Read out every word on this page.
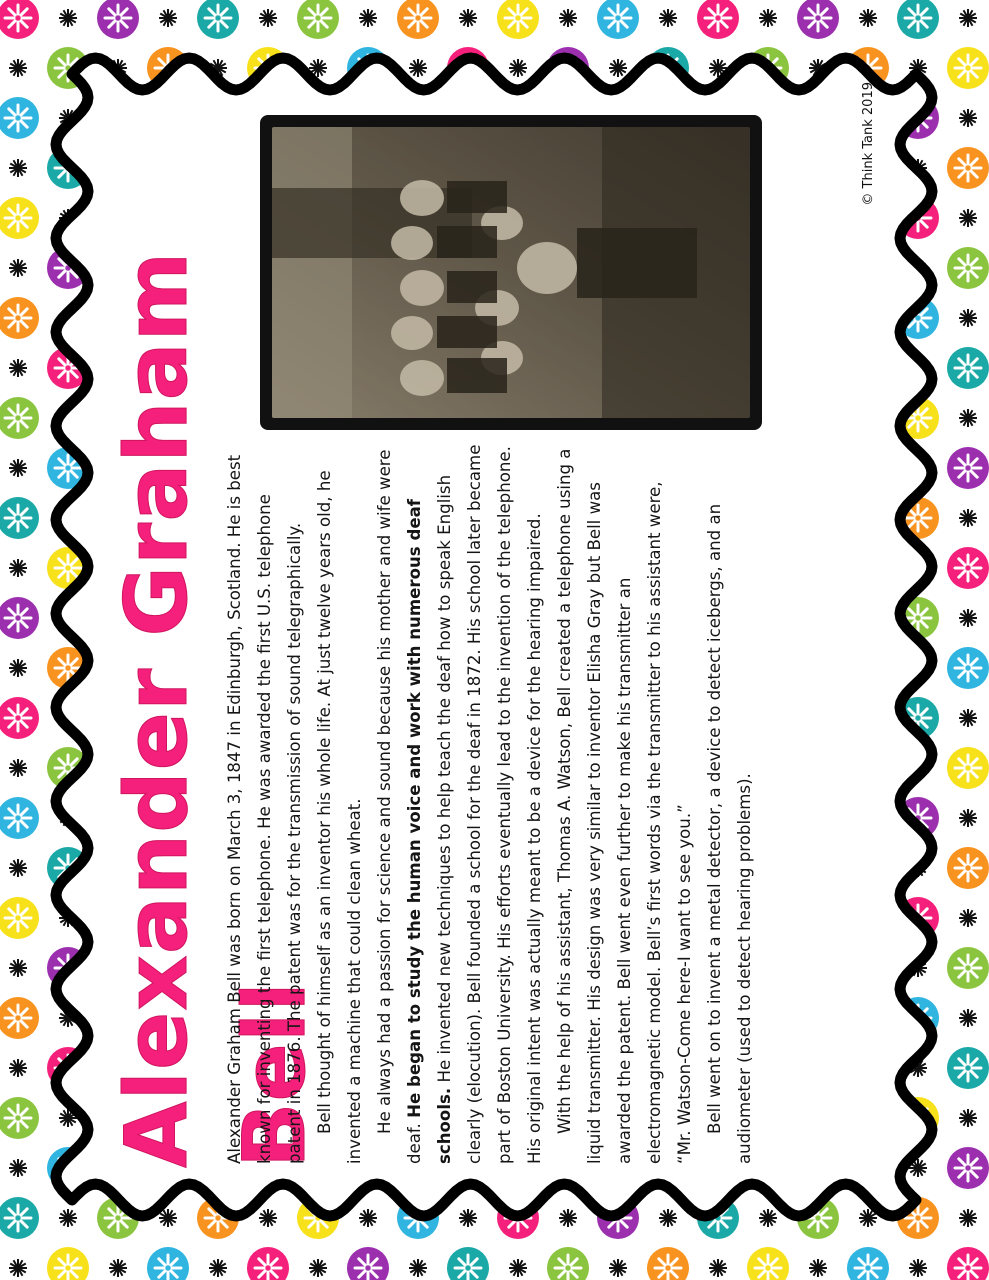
Alexander Graham Bell

Alexander Graham Bell was born on March 3, 1847 in Edinburgh, Scotland. He is best known for inventing the first telephone. He was awarded the first U.S. telephone patent in 1876. The patent was for the transmission of sound telegraphically. Bell thought of himself as an inventor his whole life. At just twelve years old, he invented a machine that could clean wheat. He always had a passion for science and sound because his mother and wife were deaf. He began to study the human voice and work with numerous deaf schools. He invented new techniques to help teach the deaf how to speak English clearly (elocution). Bell founded a school for the deaf in 1872. His school later became part of Boston University. His efforts eventually lead to the invention of the telephone. His original intent was actually meant to be a device for the hearing impaired. With the help of his assistant, Thomas A. Watson, Bell created a telephone using a liquid transmitter. His design was very similar to inventor Elisha Gray but Bell was awarded the patent. Bell went even further to make his transmitter an electromagnetic model. Bell’s first words via the transmitter to his assistant were, “Mr. Watson-Come here-I want to see you.” Bell went on to invent a metal detector, a device to detect icebergs, and an audiometer (used to detect hearing problems).

© Think Tank 2019
